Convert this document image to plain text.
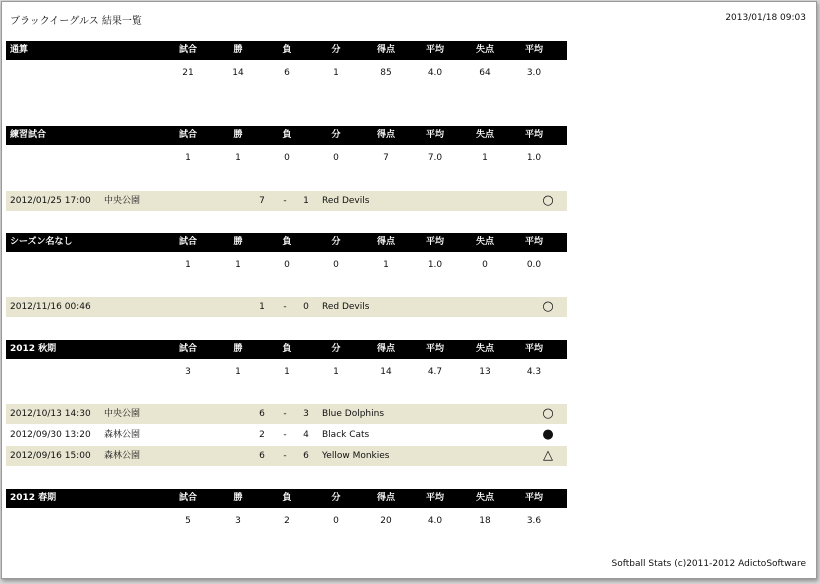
ブラックイーグルス 結果一覧	2013/01/18 09:03
通算	試合	勝	負	分	得点	平均	失点	平均
21	14	6	1	85	4.0	64	3.0
練習試合	試合	勝	負	分	得点	平均	失点	平均
1	1	0	0	7	7.0	1	1.0
2012/01/25 17:00 中央公園	7	-	1	Red Devils	○
シーズン名なし	試合	勝	負	分	得点	平均	失点	平均
1	1	0	0	1	1.0	0	0.0
2012/11/16 00:46	1	-	0	Red Devils	○
2012 秋期	試合	勝	負	分	得点	平均	失点	平均
3	1	1	1	14	4.7	13	4.3
2012/10/13 14:30 中央公園	6	-	3	Blue Dolphins	○
2012/09/30 13:20 森林公園	2	-	4	Black Cats	●
2012/09/16 15:00 森林公園	6	-	6	Yellow Monkies	△
2012 春期	試合	勝	負	分	得点	平均	失点	平均
5	3	2	0	20	4.0	18	3.6
Softball Stats (c)2011-2012 AdictoSoftware
